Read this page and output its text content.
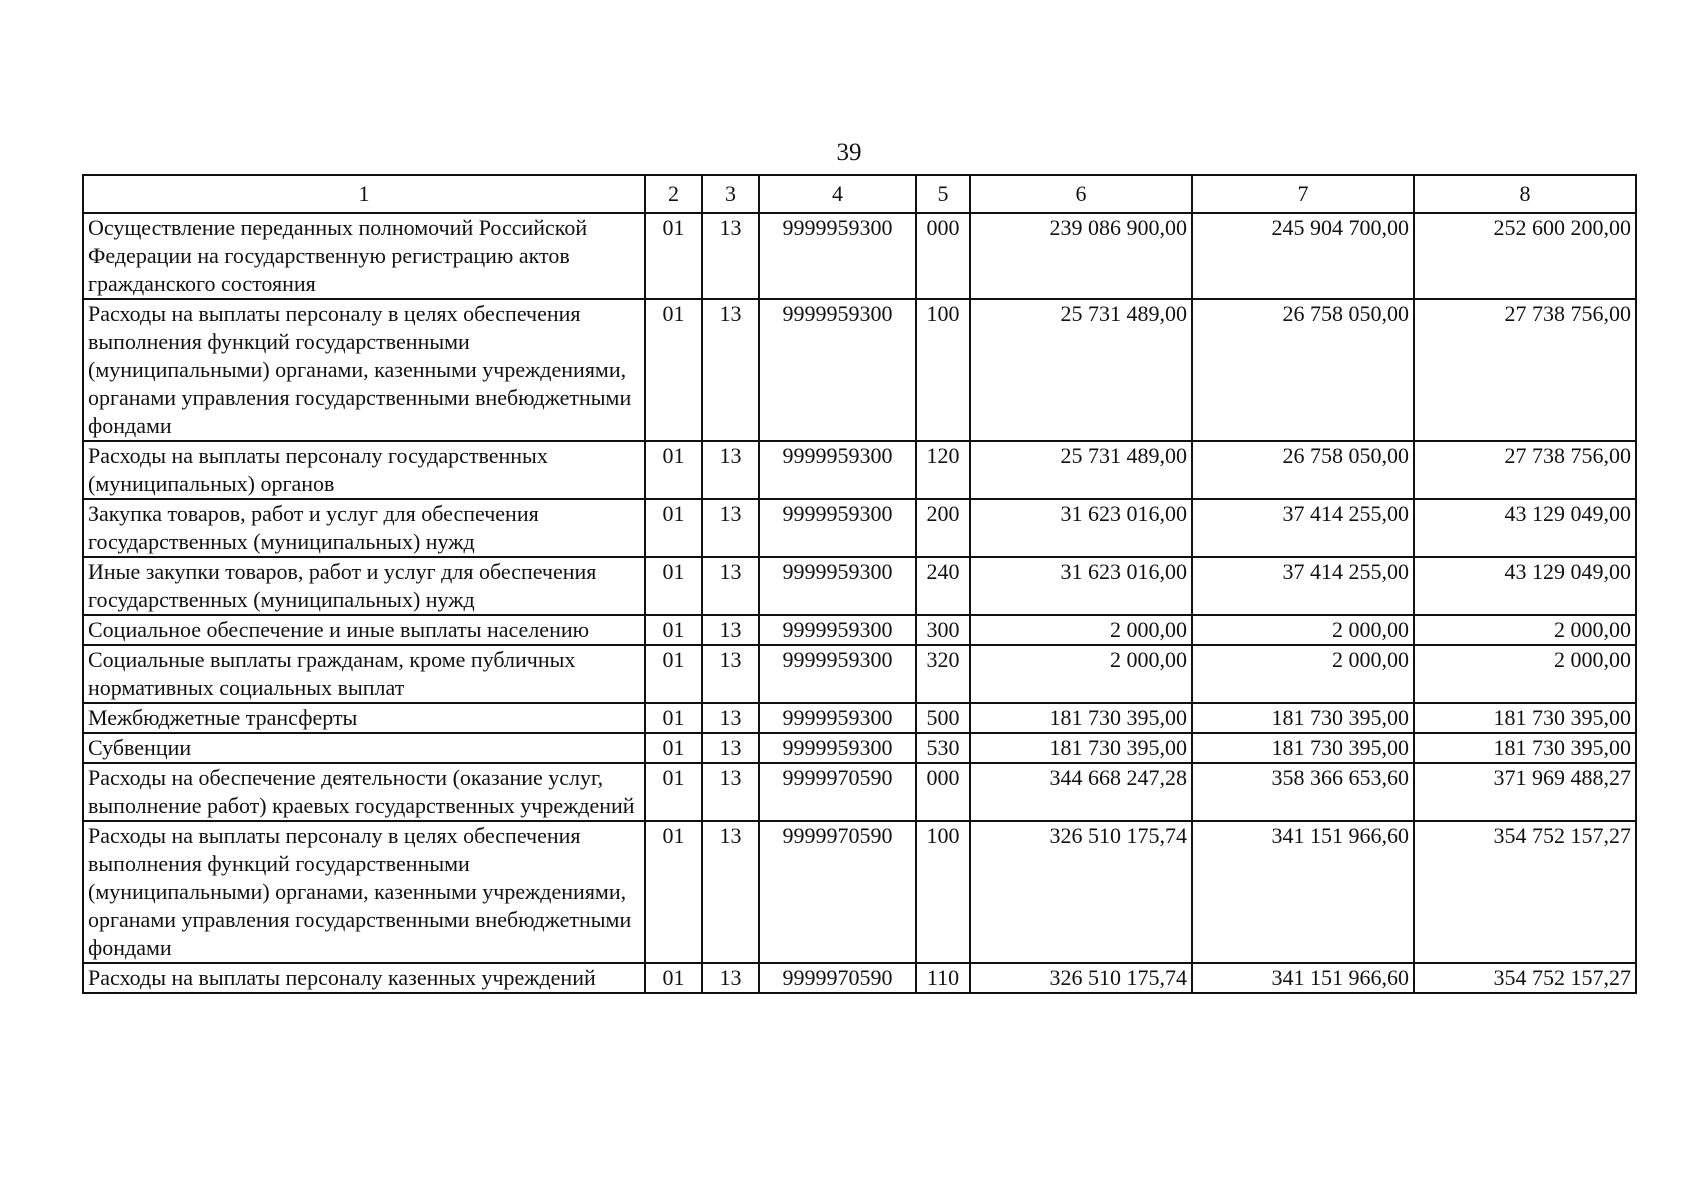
39
1	2	3	4	5	6	7	8
Осуществление переданных полномочий Российской Федерации на государственную регистрацию актов гражданского состояния	01	13	9999959300	000	239 086 900,00	245 904 700,00	252 600 200,00
Расходы на выплаты персоналу в целях обеспечения выполнения функций государственными (муниципальными) органами, казенными учреждениями, органами управления государственными внебюджетными фондами	01	13	9999959300	100	25 731 489,00	26 758 050,00	27 738 756,00
Расходы на выплаты персоналу государственных (муниципальных) органов	01	13	9999959300	120	25 731 489,00	26 758 050,00	27 738 756,00
Закупка товаров, работ и услуг для обеспечения государственных (муниципальных) нужд	01	13	9999959300	200	31 623 016,00	37 414 255,00	43 129 049,00
Иные закупки товаров, работ и услуг для обеспечения государственных (муниципальных) нужд	01	13	9999959300	240	31 623 016,00	37 414 255,00	43 129 049,00
Социальное обеспечение и иные выплаты населению	01	13	9999959300	300	2 000,00	2 000,00	2 000,00
Социальные выплаты гражданам, кроме публичных нормативных социальных выплат	01	13	9999959300	320	2 000,00	2 000,00	2 000,00
Межбюджетные трансферты	01	13	9999959300	500	181 730 395,00	181 730 395,00	181 730 395,00
Субвенции	01	13	9999959300	530	181 730 395,00	181 730 395,00	181 730 395,00
Расходы на обеспечение деятельности (оказание услуг, выполнение работ) краевых государственных учреждений	01	13	9999970590	000	344 668 247,28	358 366 653,60	371 969 488,27
Расходы на выплаты персоналу в целях обеспечения выполнения функций государственными (муниципальными) органами, казенными учреждениями, органами управления государственными внебюджетными фондами	01	13	9999970590	100	326 510 175,74	341 151 966,60	354 752 157,27
Расходы на выплаты персоналу казенных учреждений	01	13	9999970590	110	326 510 175,74	341 151 966,60	354 752 157,27
